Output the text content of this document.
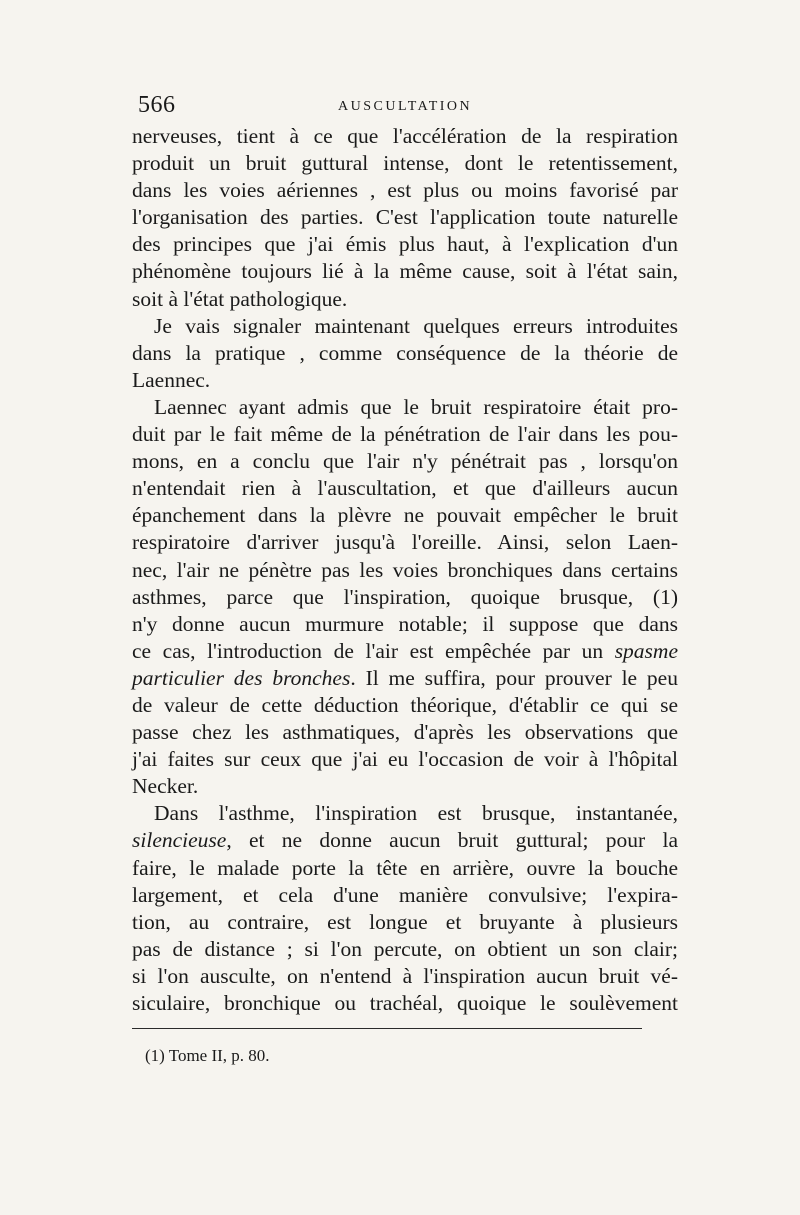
566	AUSCULTATION
nerveuses, tient à ce que l'accélération de la respiration
produit un bruit guttural intense, dont le retentissement,
dans les voies aériennes , est plus ou moins favorisé par
l'organisation des parties. C'est l'application toute naturelle
des principes que j'ai émis plus haut, à l'explication d'un
phénomène toujours lié à la même cause, soit à l'état sain,
soit à l'état pathologique.
Je vais signaler maintenant quelques erreurs introduites
dans la pratique , comme conséquence de la théorie de
Laennec.
Laennec ayant admis que le bruit respiratoire était pro-
duit par le fait même de la pénétration de l'air dans les pou-
mons, en a conclu que l'air n'y pénétrait pas , lorsqu'on
n'entendait rien à l'auscultation, et que d'ailleurs aucun
épanchement dans la plèvre ne pouvait empêcher le bruit
respiratoire d'arriver jusqu'à l'oreille. Ainsi, selon Laen-
nec, l'air ne pénètre pas les voies bronchiques dans certains
asthmes, parce que l'inspiration, quoique brusque, (1)
n'y donne aucun murmure notable; il suppose que dans
ce cas, l'introduction de l'air est empêchée par un spasme
particulier des bronches. Il me suffira, pour prouver le peu
de valeur de cette déduction théorique, d'établir ce qui se
passe chez les asthmatiques, d'après les observations que
j'ai faites sur ceux que j'ai eu l'occasion de voir à l'hôpital
Necker.
Dans l'asthme, l'inspiration est brusque, instantanée,
silencieuse, et ne donne aucun bruit guttural; pour la
faire, le malade porte la tête en arrière, ouvre la bouche
largement, et cela d'une manière convulsive; l'expira-
tion, au contraire, est longue et bruyante à plusieurs
pas de distance ; si l'on percute, on obtient un son clair;
si l'on ausculte, on n'entend à l'inspiration aucun bruit vé-
siculaire, bronchique ou trachéal, quoique le soulèvement
(1) Tome II, p. 80.
